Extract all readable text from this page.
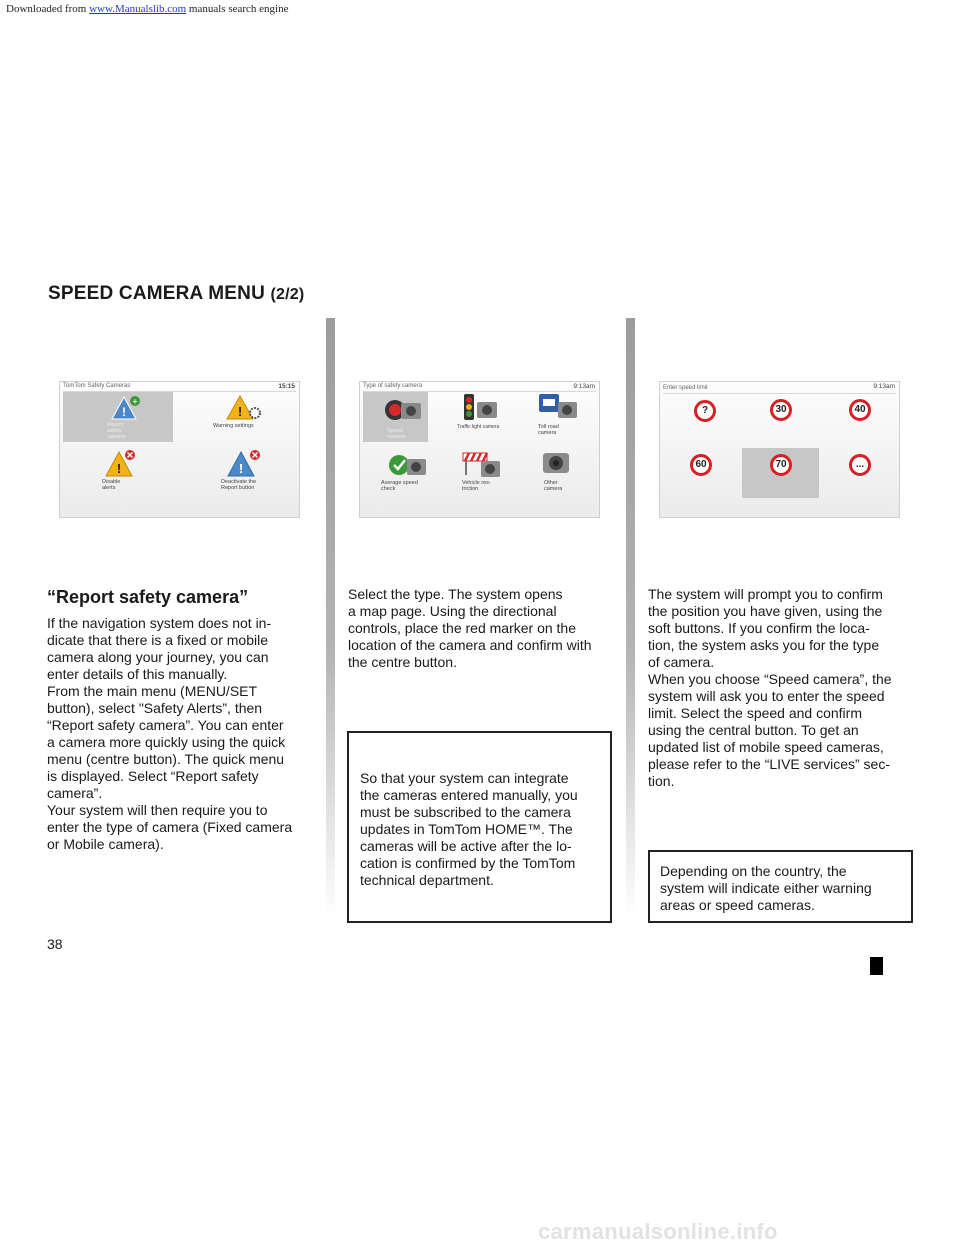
Downloaded from www.Manualslib.com manuals search engine
SPEED CAMERA MENU (2/2)
TomTom Safety Cameras	15:15
!
+
Report
safety
camera
!
Warning settings
!
Disable
alerts
!
Deactivate the
Report button
Type of safety camera	9:13am
Speed
camera
Traffic light camera	Toll road
camera
Average speed
check
Vehicle res-
triction
Other
camera
Enter speed limit	9:13am
?	30	40
60	70	...
“Report safety camera”
If the navigation system does not in-
dicate that there is a fixed or mobile
camera along your journey, you can
enter details of this manually.
From the main menu (MENU/SET
button), select "Safety Alerts”, then
“Report safety camera”. You can enter
a camera more quickly using the quick
menu (centre button). The quick menu
is displayed. Select “Report safety
camera”.
Your system will then require you to
enter the type of camera (Fixed camera
or Mobile camera).
Select the type. The system opens
a map page. Using the directional
controls, place the red marker on the
location of the camera and confirm with
the centre button.
So that your system can integrate
the cameras entered manually, you
must be subscribed to the camera
updates in TomTom HOME™. The
cameras will be active after the lo-
cation is confirmed by the TomTom
technical department.
The system will prompt you to confirm
the position you have given, using the
soft buttons. If you confirm the loca-
tion, the system asks you for the type
of camera.
When you choose “Speed camera”, the
system will ask you to enter the speed
limit. Select the speed and confirm
using the central button. To get an
updated list of mobile speed cameras,
please refer to the “LIVE services” sec-
tion.
Depending on the country, the
system will indicate either warning
areas or speed cameras.
38
carmanualsonline.info
